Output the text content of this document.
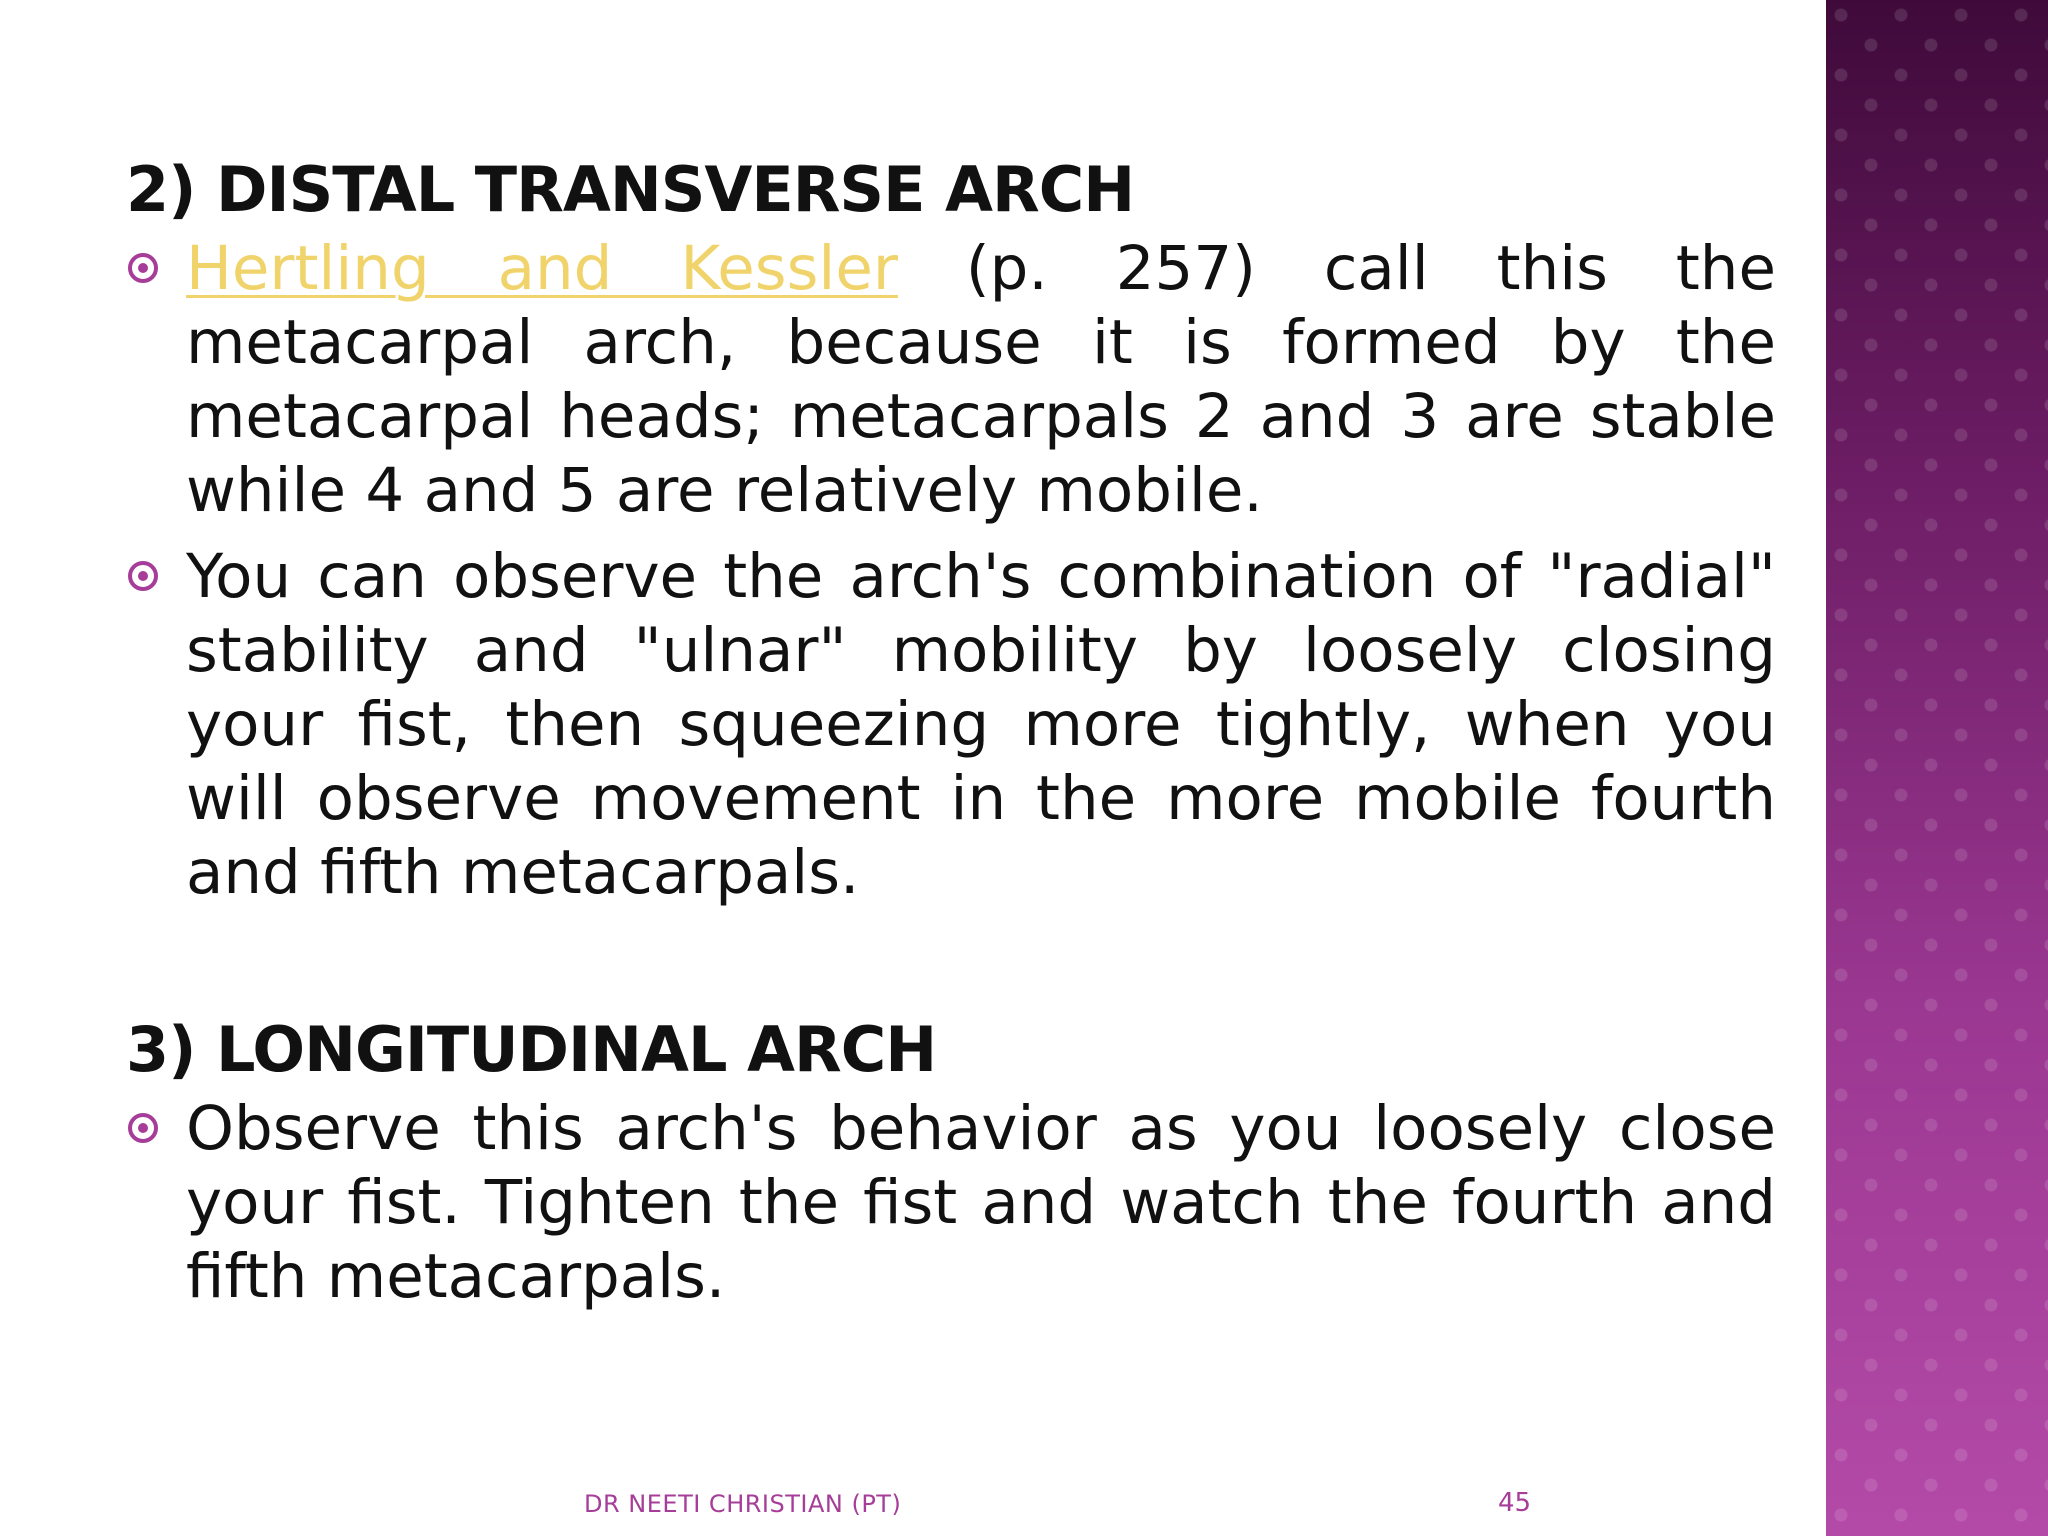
2) DISTAL TRANSVERSE ARCH
Hertling and Kessler (p. 257) call this the metacarpal arch, because it is formed by the metacarpal heads; metacarpals 2 and 3 are stable while 4 and 5 are relatively mobile.
You can observe the arch's combination of "radial" stability and "ulnar" mobility by loosely closing your fist, then squeezing more tightly, when you will observe movement in the more mobile fourth and fifth metacarpals.
3) LONGITUDINAL ARCH
Observe this arch's behavior as you loosely close your fist. Tighten the fist and watch the fourth and fifth metacarpals.
DR NEETI CHRISTIAN (PT)	45
